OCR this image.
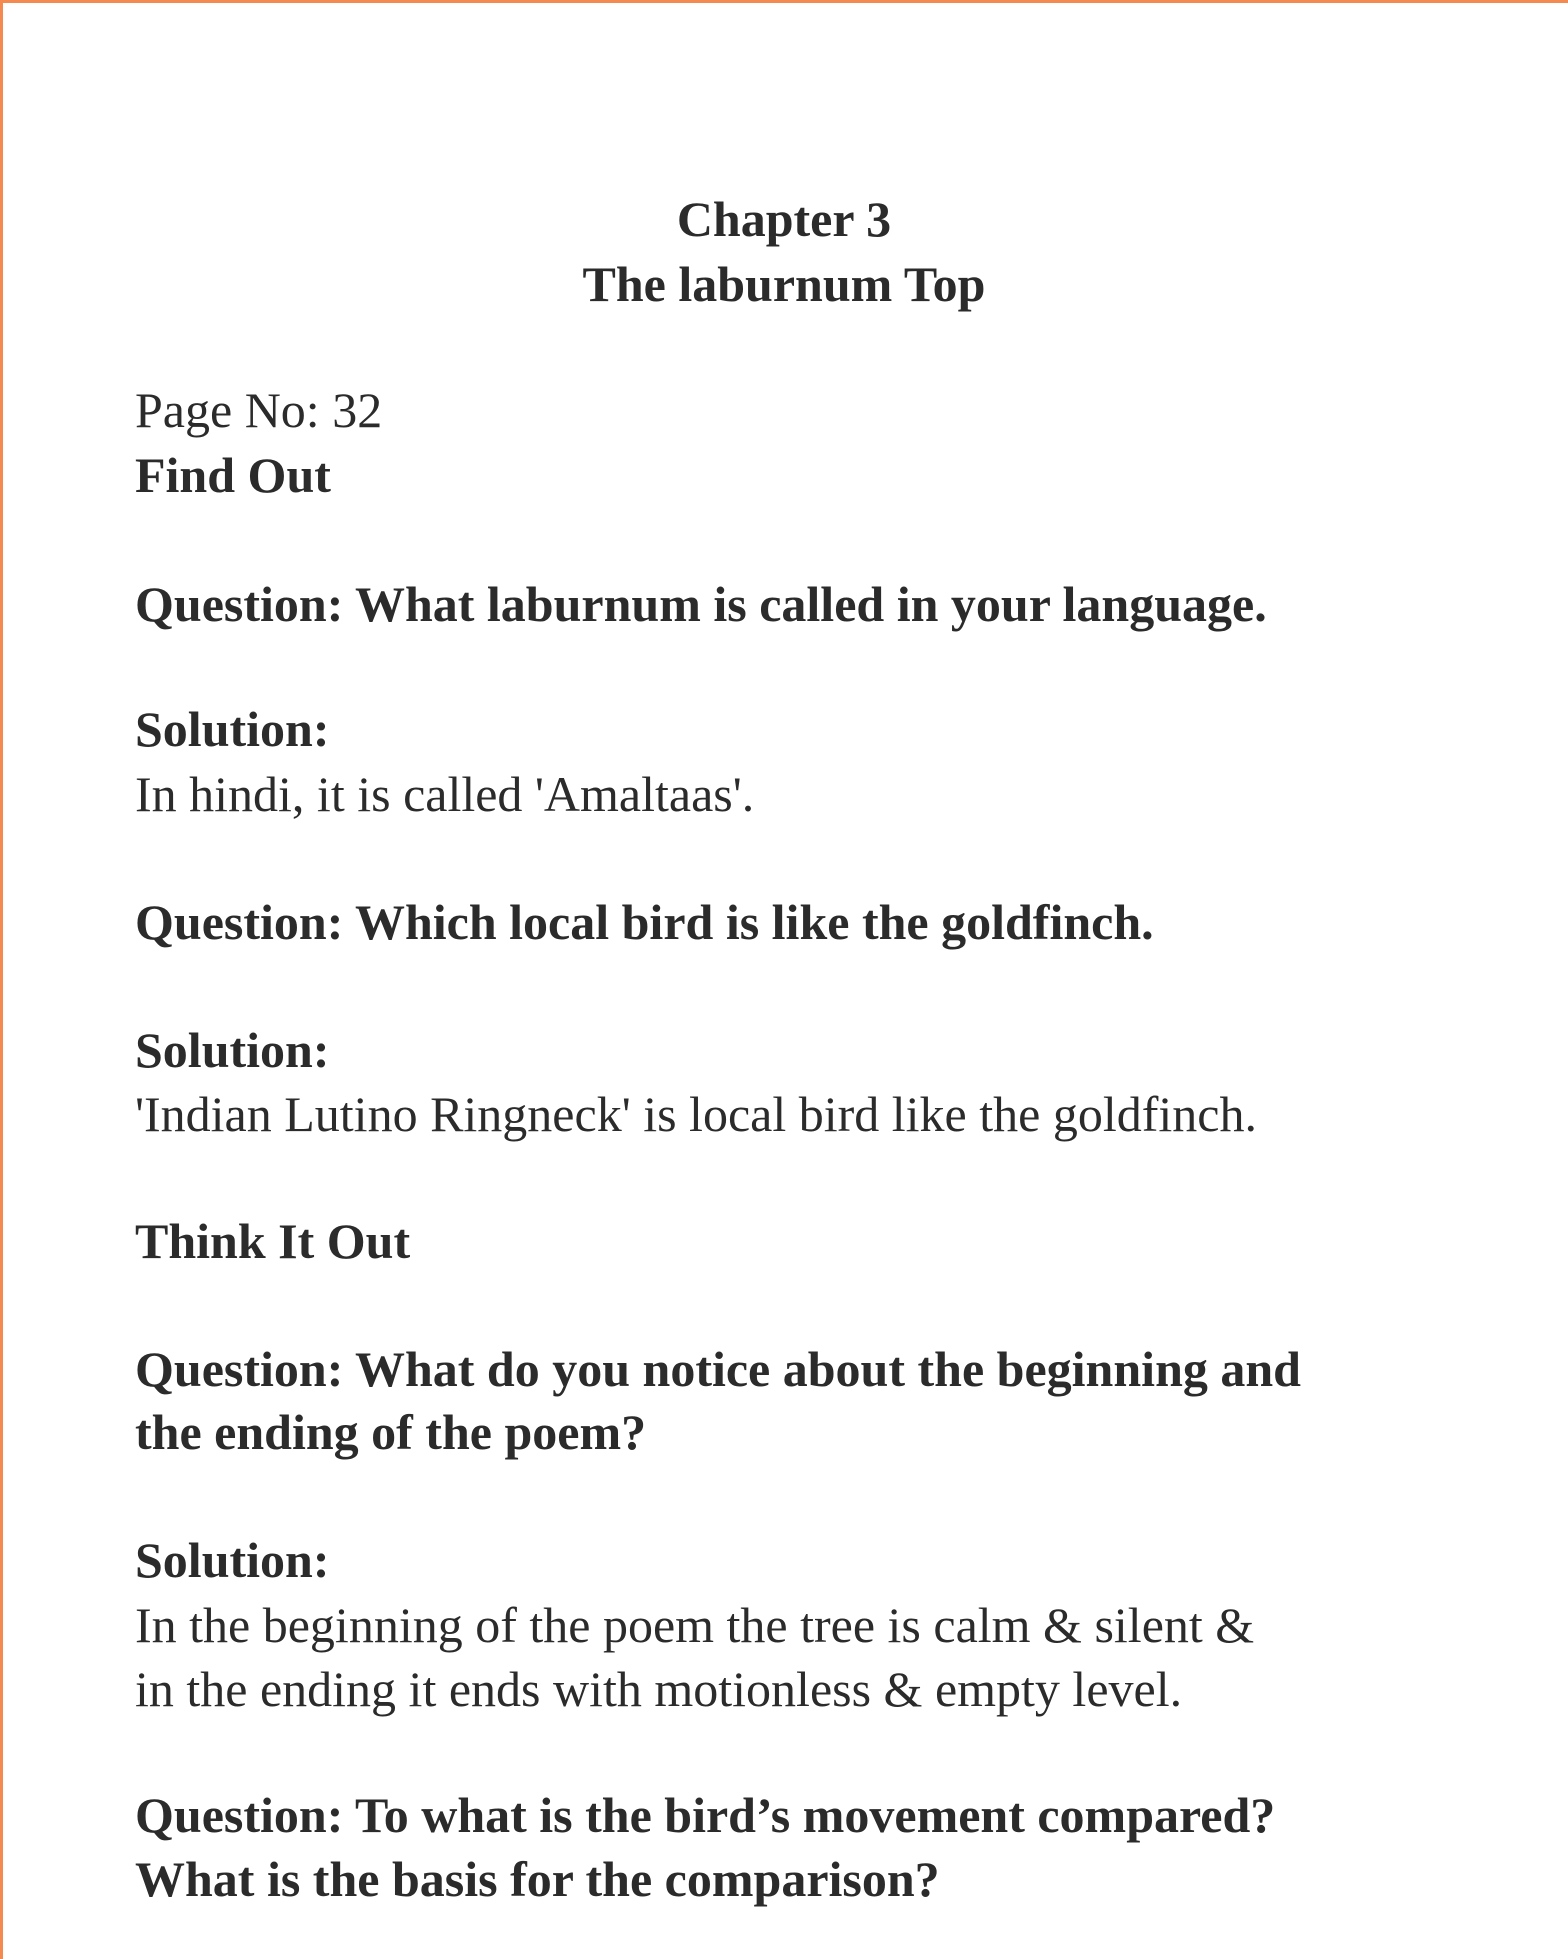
Chapter 3
The laburnum Top
Page No: 32
Find Out
Question: What laburnum is called in your language.
Solution:
In hindi, it is called 'Amaltaas'.
Question: Which local bird is like the goldfinch.
Solution:
'Indian Lutino Ringneck' is local bird like the goldfinch.
Think It Out
Question: What do you notice about the beginning and
the ending of the poem?
Solution:
In the beginning of the poem the tree is calm & silent &
in the ending it ends with motionless & empty level.
Question: To what is the bird’s movement compared?
What is the basis for the comparison?
